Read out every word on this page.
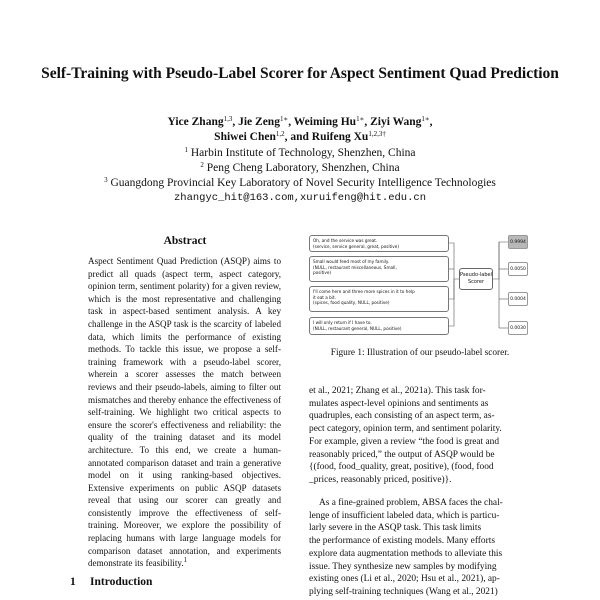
Self-Training with Pseudo-Label Scorer for Aspect Sentiment Quad Prediction
Yice Zhang$^{1,3}$, Jie Zeng$^{1∗}$, Weiming $Hu^{1∗}$, Ziyi Wang$^{1∗}$,
Shiwei Chen$^{1,2}$, and Ruifeng $Xu^{1,2,3\dagger}$
$^1$ Harbin Institute of Technology, Shenzhen, China
$^2$ Peng Cheng Laboratory, Shenzhen, China
$^3$ Guangdong Provincial Key Laboratory of Novel Security Intelligence Technologies
zhangyc_hit@163.com,xuruifeng@hit.edu.cn
Abstract
Aspect Sentiment Quad Prediction (ASQP) aims to predict all quads (aspect term, aspect category, opinion term, sentiment polarity) for a given review, which is the most representative and challenging task in aspect-based sentiment analysis. A key challenge in the ASQP task is the scarcity of labeled data, which limits the performance of existing methods. To tackle this issue, we propose a self-training framework with a pseudo-label scorer, wherein a scorer assesses the match between reviews and their pseudo-labels, aiming to filter out mismatches and thereby enhance the effectiveness of self-training. We highlight two critical aspects to ensure the scorer's effectiveness and reliability: the quality of the training dataset and its model architecture. To this end, we create a human-annotated comparison dataset and train a generative model on it using ranking-based objectives. Extensive experiments on public ASQP datasets reveal that using our scorer can greatly and consistently improve the effectiveness of self-training. Moreover, we explore the possibility of replacing humans with large language models for comparison dataset annotation, and experiments demonstrate its feasibility.$^1$
1 Introduction
Oh, and the service was great.
(service, service general, great, positive)
Small would feed most of my family.
(NULL, restaurant miscellaneous, Small,
positive)
I'll come here and three more spices in it to help
it eat a bit.
(spices, food quality, NULL, positive)
I will only return if I have to.
(NULL, restaurant general, NULL, positive)
Pseudo-label
Scorer
0.9994
0.0050
0.0004
0.0030
Figure 1: Illustration of our pseudo-label scorer.
et al., 2021; Zhang et al., 2021a). This task for-
mulates aspect-level opinions and sentiments as
quadruples, each consisting of an aspect term, as-
pect category, opinion term, and sentiment polarity.
For example, given a review “the food is great and
reasonably priced,” the output of ASQP would be
{(food, food_quality, great, positive), (food, food
_prices, reasonably priced, positive)}.
As a fine-grained problem, ABSA faces the chal-
lenge of insufficient labeled data, which is particu-
larly severe in the ASQP task. This task limits
the performance of existing models. Many efforts
explore data augmentation methods to alleviate this
issue. They synthesize new samples by modifying
existing ones (Li et al., 2020; Hsu et al., 2021), ap-
plying self-training techniques (Wang et al., 2021)
